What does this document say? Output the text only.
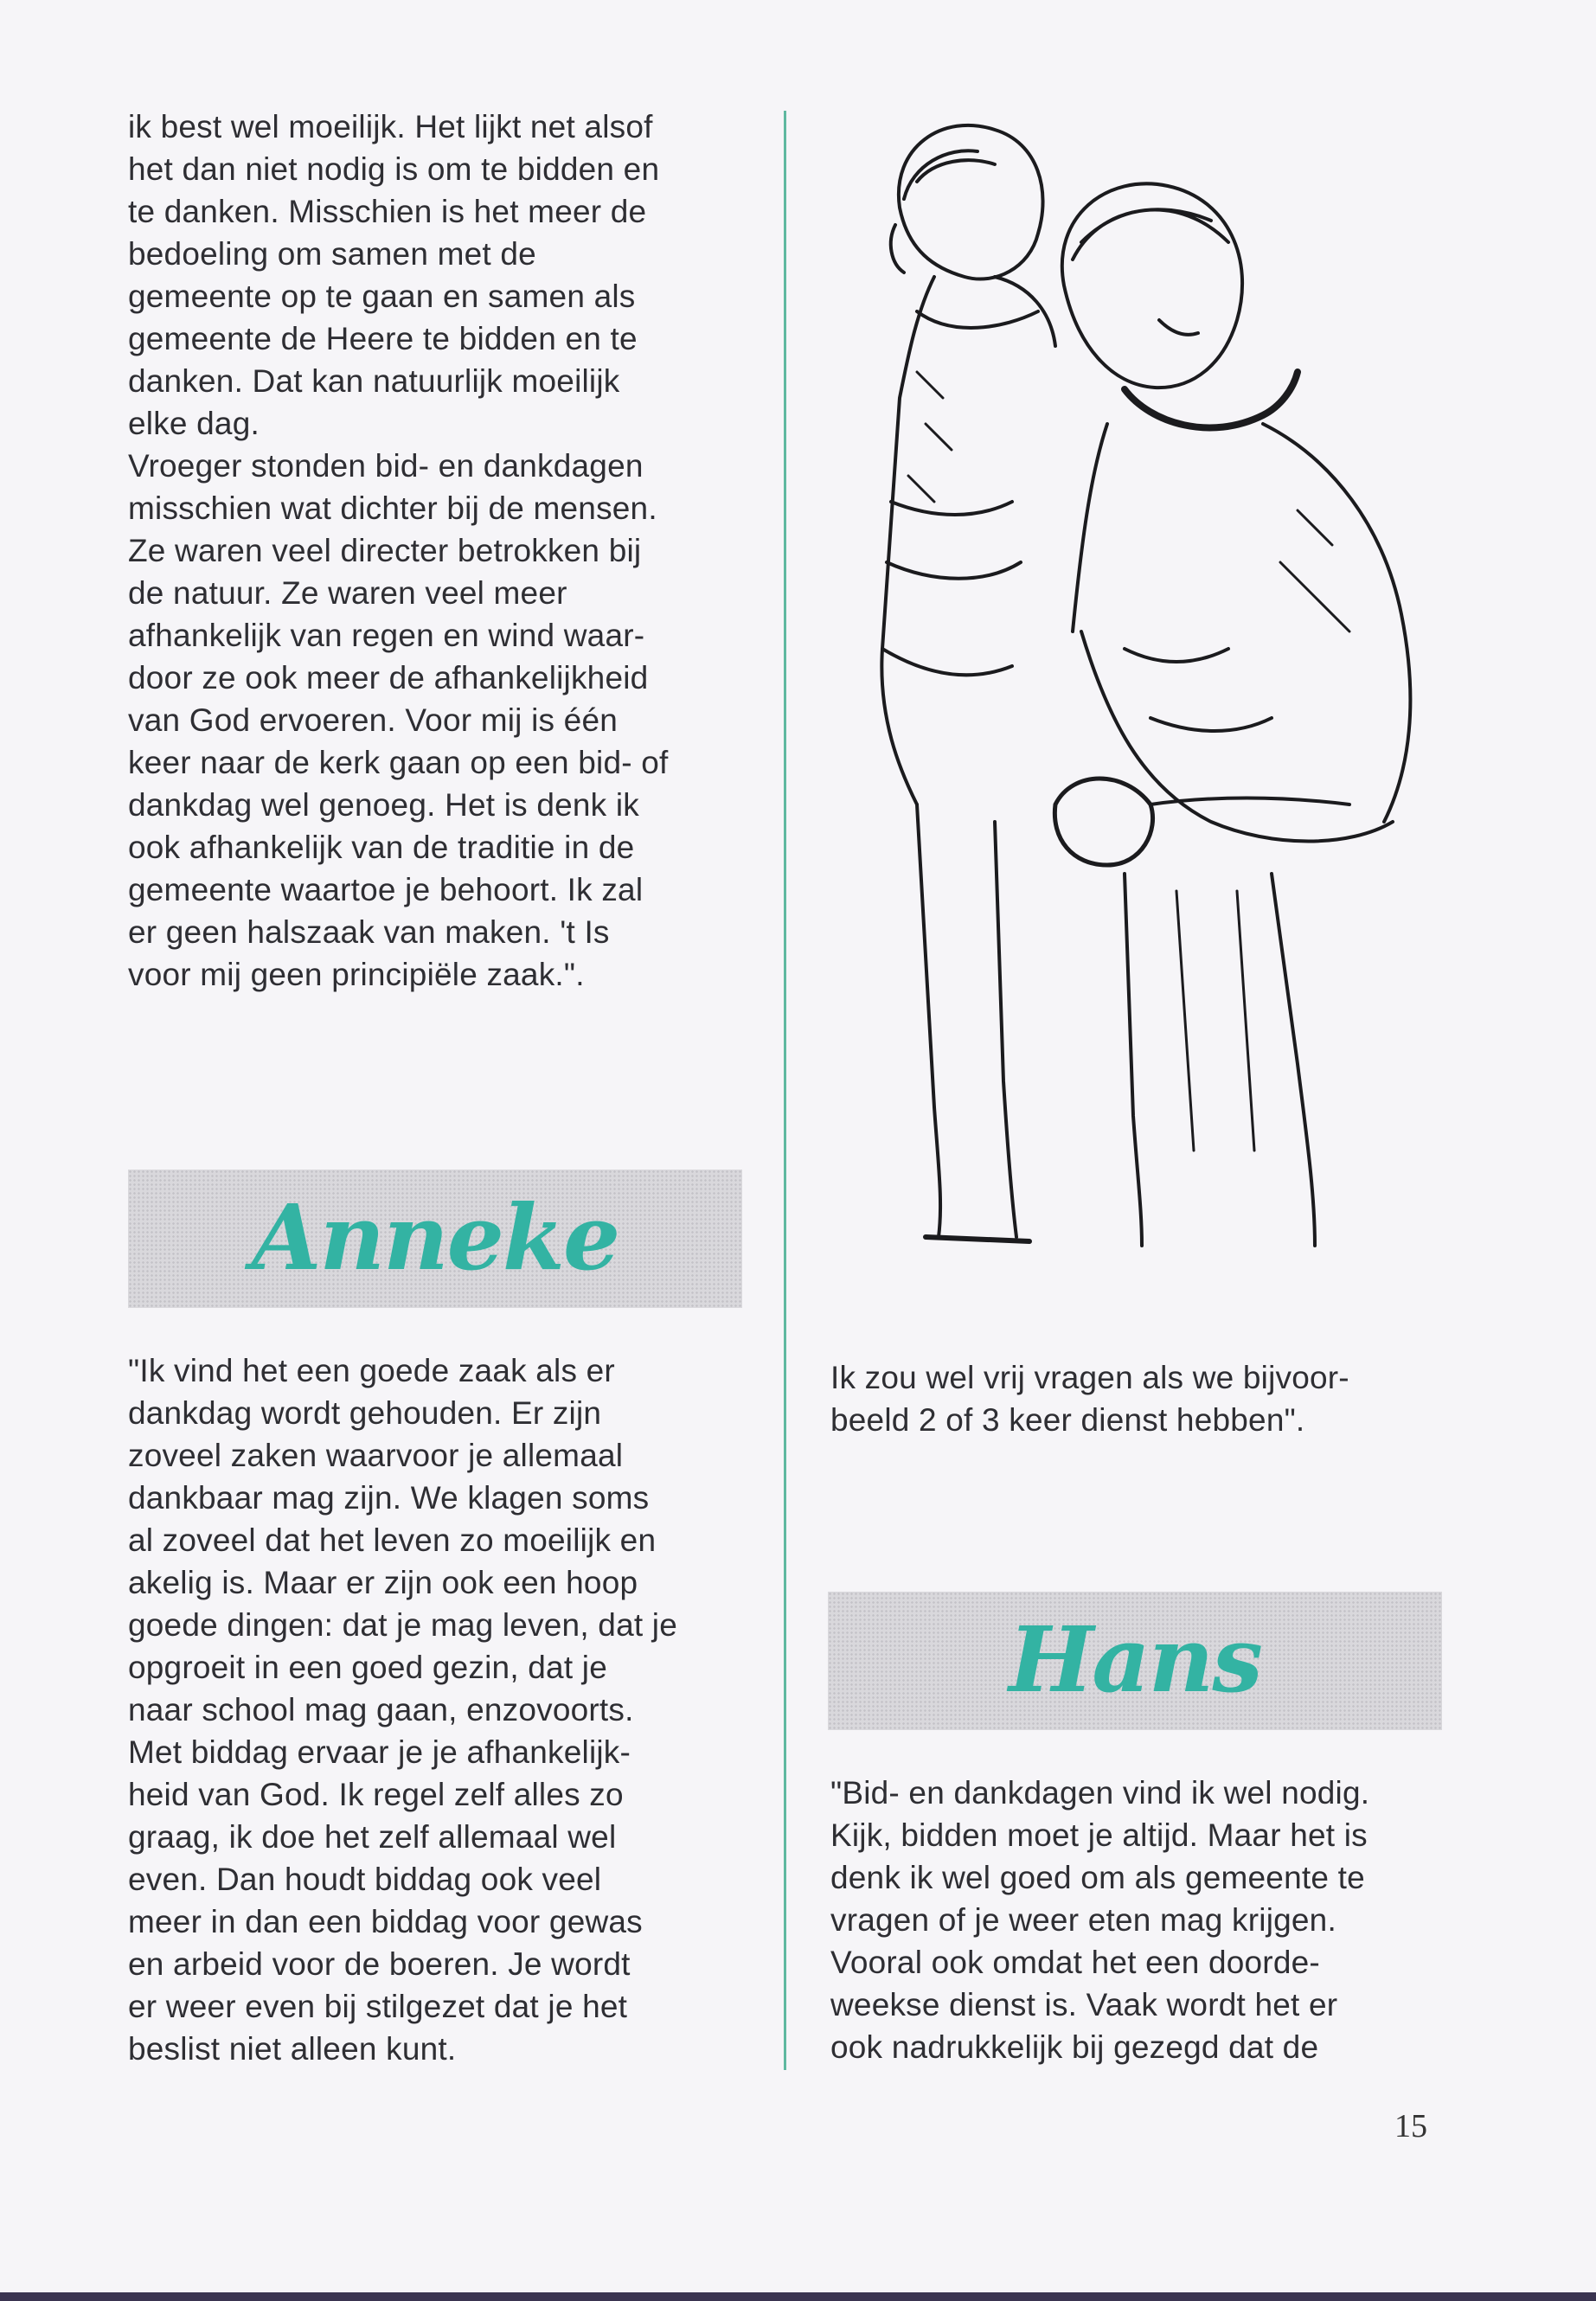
ik best wel moeilijk. Het lijkt net alsof
het dan niet nodig is om te bidden en
te danken. Misschien is het meer de
bedoeling om samen met de
gemeente op te gaan en samen als
gemeente de Heere te bidden en te
danken. Dat kan natuurlijk moeilijk
elke dag.
Vroeger stonden bid- en dankdagen
misschien wat dichter bij de mensen.
Ze waren veel directer betrokken bij
de natuur. Ze waren veel meer
afhankelijk van regen en wind waar-
door ze ook meer de afhankelijkheid
van God ervoeren. Voor mij is één
keer naar de kerk gaan op een bid- of
dankdag wel genoeg. Het is denk ik
ook afhankelijk van de traditie in de
gemeente waartoe je behoort. Ik zal
er geen halszaak van maken. 't Is
voor mij geen principiële zaak.".
Anneke
"Ik vind het een goede zaak als er
dankdag wordt gehouden. Er zijn
zoveel zaken waarvoor je allemaal
dankbaar mag zijn. We klagen soms
al zoveel dat het leven zo moeilijk en
akelig is. Maar er zijn ook een hoop
goede dingen: dat je mag leven, dat je
opgroeit in een goed gezin, dat je
naar school mag gaan, enzovoorts.
Met biddag ervaar je je afhankelijk-
heid van God. Ik regel zelf alles zo
graag, ik doe het zelf allemaal wel
even. Dan houdt biddag ook veel
meer in dan een biddag voor gewas
en arbeid voor de boeren. Je wordt
er weer even bij stilgezet dat je het
beslist niet alleen kunt.
Ik zou wel vrij vragen als we bijvoor-
beeld 2 of 3 keer dienst hebben".
Hans
"Bid- en dankdagen vind ik wel nodig.
Kijk, bidden moet je altijd. Maar het is
denk ik wel goed om als gemeente te
vragen of je weer eten mag krijgen.
Vooral ook omdat het een doorde-
weekse dienst is. Vaak wordt het er
ook nadrukkelijk bij gezegd dat de
15
